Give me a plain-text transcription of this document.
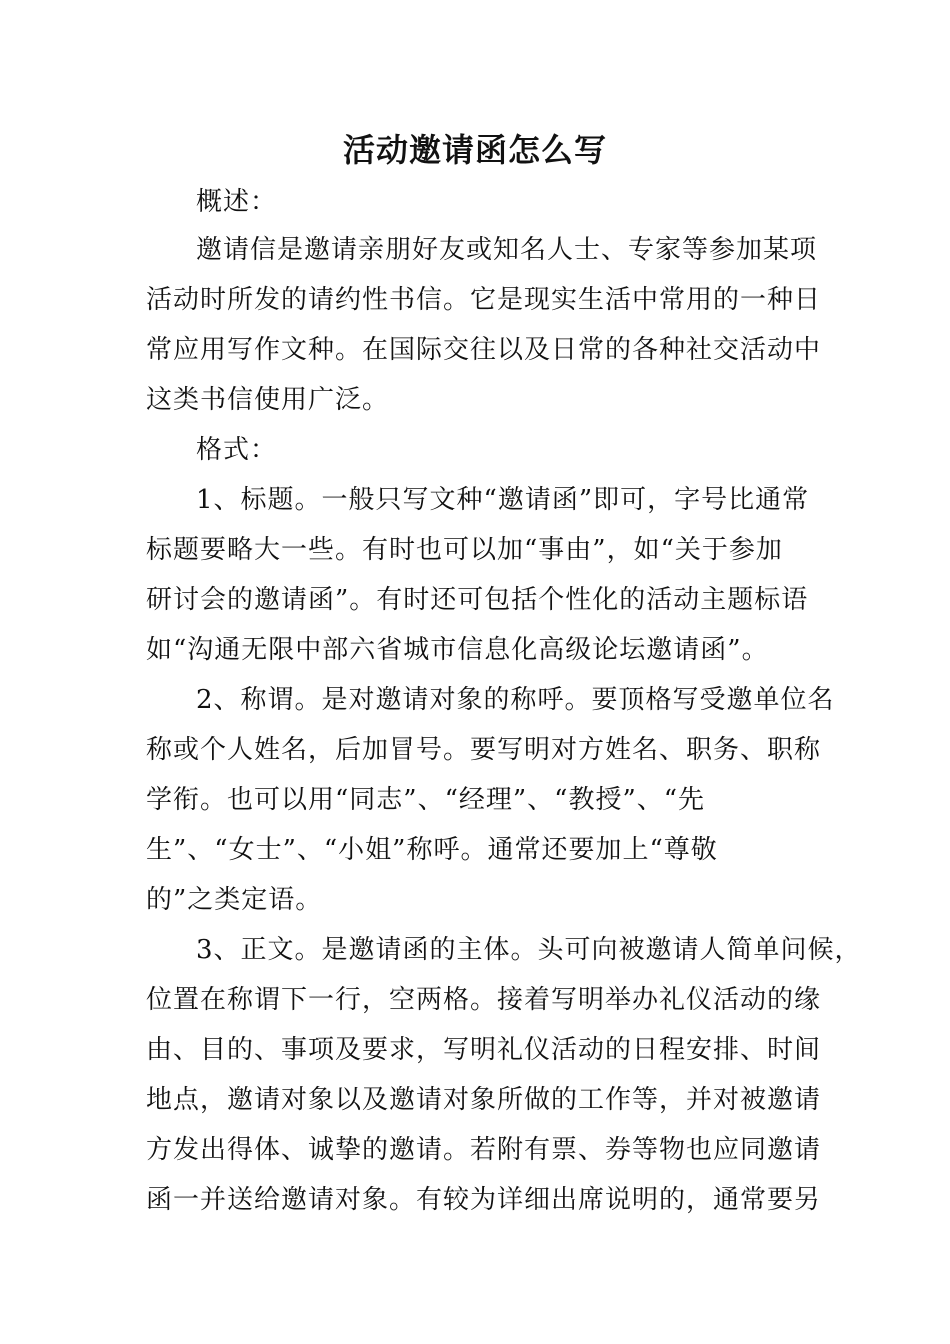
活动邀请函怎么写
概述：
邀请信是邀请亲朋好友或知名人士、专家等参加某项
活动时所发的请约性书信。它是现实生活中常用的一种日
常应用写作文种。在国际交往以及日常的各种社交活动中
这类书信使用广泛。
格式：
1、标题。一般只写文种“邀请函”即可，字号比通常
标题要略大一些。有时也可以加“事由”，如“关于参加
研讨会的邀请函”。有时还可包括个性化的活动主题标语
如“沟通无限中部六省城市信息化高级论坛邀请函”。
2、称谓。是对邀请对象的称呼。要顶格写受邀单位名
称或个人姓名，后加冒号。要写明对方姓名、职务、职称
学衔。也可以用“同志”、“经理”、“教授”、“先
生”、“女士”、“小姐”称呼。通常还要加上“尊敬
的”之类定语。
3、正文。是邀请函的主体。头可向被邀请人简单问候，
位置在称谓下一行，空两格。接着写明举办礼仪活动的缘
由、目的、事项及要求，写明礼仪活动的日程安排、时间
地点，邀请对象以及邀请对象所做的工作等，并对被邀请
方发出得体、诚挚的邀请。若附有票、券等物也应同邀请
函一并送给邀请对象。有较为详细出席说明的，通常要另
